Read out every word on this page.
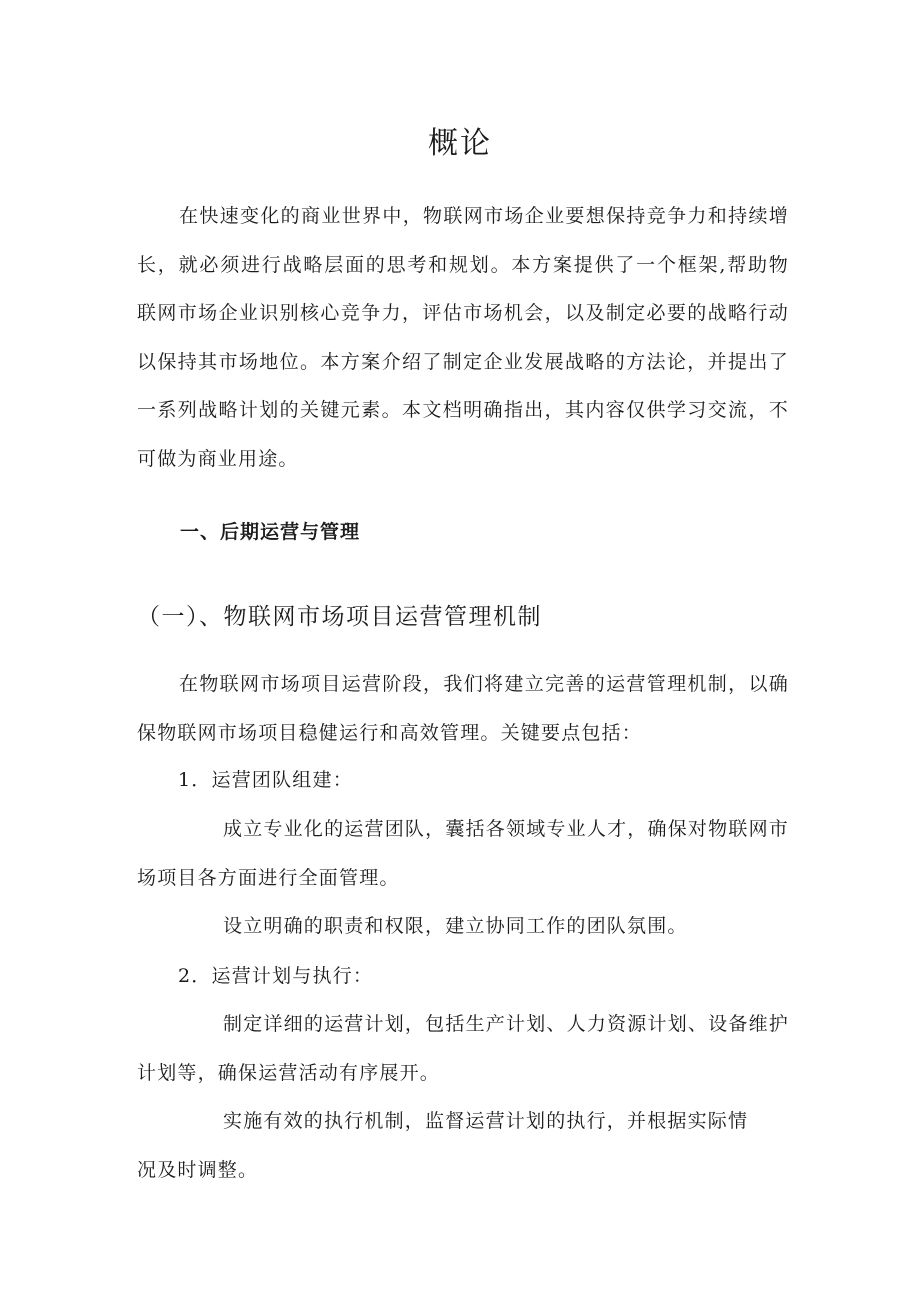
概论

在快速变化的商业世界中，物联网市场企业要想保持竞争力和持续增长，就必须进行战略层面的思考和规划。本方案提供了一个框架,帮助物联网市场企业识别核心竞争力，评估市场机会，以及制定必要的战略行动以保持其市场地位。本方案介绍了制定企业发展战略的方法论，并提出了一系列战略计划的关键元素。本文档明确指出，其内容仅供学习交流，不可做为商业用途。

一、后期运营与管理
（一）、物联网市场项目运营管理机制

在物联网市场项目运营阶段，我们将建立完善的运营管理机制，以确保物联网市场项目稳健运行和高效管理。关键要点包括：

1．运营团队组建：

成立专业化的运营团队，囊括各领域专业人才，确保对物联网市场项目各方面进行全面管理。

设立明确的职责和权限，建立协同工作的团队氛围。

2．运营计划与执行：

制定详细的运营计划，包括生产计划、人力资源计划、设备维护计划等，确保运营活动有序展开。

实施有效的执行机制，监督运营计划的执行，并根据实际情况及时调整。
